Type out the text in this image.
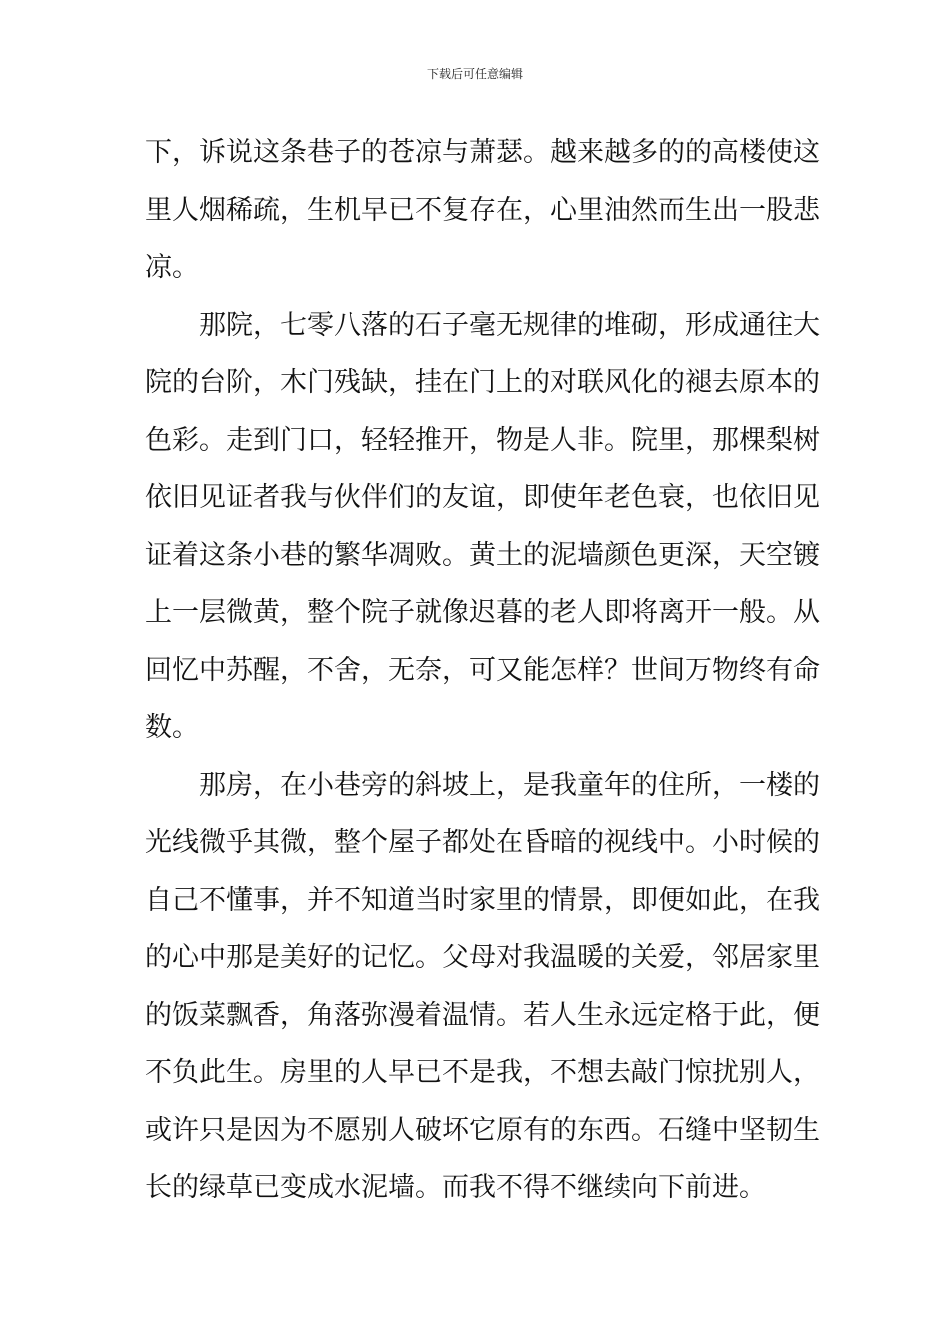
下载后可任意编辑
下，诉说这条巷子的苍凉与萧瑟。越来越多的的高楼使这
里人烟稀疏，生机早已不复存在，心里油然而生出一股悲
凉。
那院，七零八落的石子毫无规律的堆砌，形成通往大
院的台阶，木门残缺，挂在门上的对联风化的褪去原本的
色彩。走到门口，轻轻推开，物是人非。院里，那棵梨树
依旧见证者我与伙伴们的友谊，即使年老色衰，也依旧见
证着这条小巷的繁华凋败。黄土的泥墙颜色更深，天空镀
上一层微黄，整个院子就像迟暮的老人即将离开一般。从
回忆中苏醒，不舍，无奈，可又能怎样？世间万物终有命
数。
那房，在小巷旁的斜坡上，是我童年的住所，一楼的
光线微乎其微，整个屋子都处在昏暗的视线中。小时候的
自己不懂事，并不知道当时家里的情景，即便如此，在我
的心中那是美好的记忆。父母对我温暖的关爱，邻居家里
的饭菜飘香，角落弥漫着温情。若人生永远定格于此，便
不负此生。房里的人早已不是我，不想去敲门惊扰别人，
或许只是因为不愿别人破坏它原有的东西。石缝中坚韧生
长的绿草已变成水泥墙。而我不得不继续向下前进。
